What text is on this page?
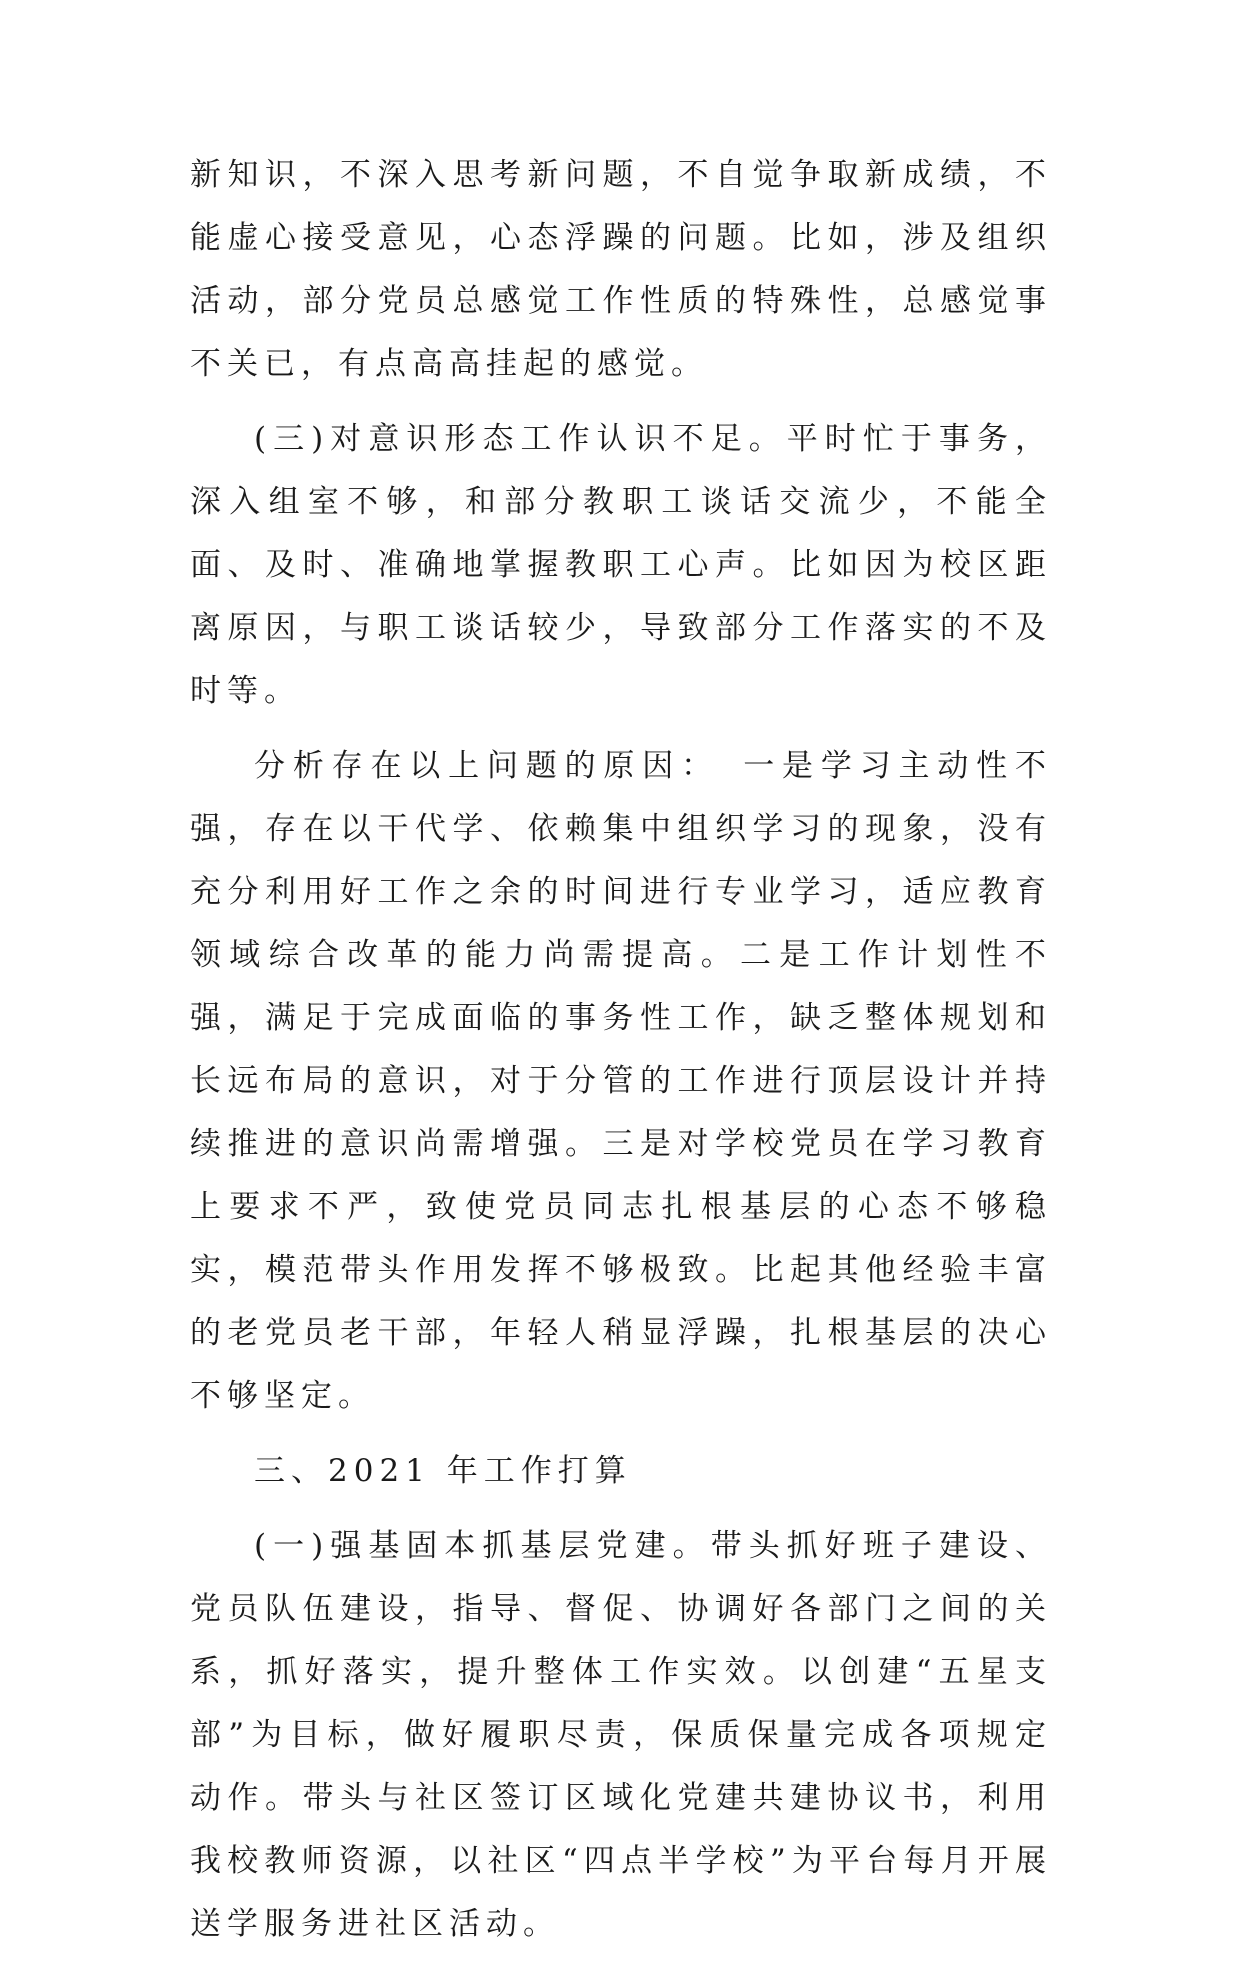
新知识，不深入思考新问题，不自觉争取新成绩，不能虚心接受意见，心态浮躁的问题。比如，涉及组织活动，部分党员总感觉工作性质的特殊性，总感觉事不关已，有点高高挂起的感觉。

(三)对意识形态工作认识不足。平时忙于事务，深入组室不够，和部分教职工谈话交流少，不能全面、及时、准确地掌握教职工心声。比如因为校区距离原因，与职工谈话较少，导致部分工作落实的不及时等。

分析存在以上问题的原因：　一是学习主动性不强，存在以干代学、依赖集中组织学习的现象，没有充分利用好工作之余的时间进行专业学习，适应教育领域综合改革的能力尚需提高。二是工作计划性不强，满足于完成面临的事务性工作，缺乏整体规划和长远布局的意识，对于分管的工作进行顶层设计并持续推进的意识尚需增强。三是对学校党员在学习教育上要求不严，致使党员同志扎根基层的心态不够稳实，模范带头作用发挥不够极致。比起其他经验丰富的老党员老干部，年轻人稍显浮躁，扎根基层的决心不够坚定。

三、2021 年工作打算

(一)强基固本抓基层党建。带头抓好班子建设、党员队伍建设，指导、督促、协调好各部门之间的关系，抓好落实，提升整体工作实效。以创建“五星支部”为目标，做好履职尽责，保质保量完成各项规定动作。带头与社区签订区域化党建共建协议书，利用我校教师资源，以社区“四点半学校”为平台每月开展送学服务进社区活动。
